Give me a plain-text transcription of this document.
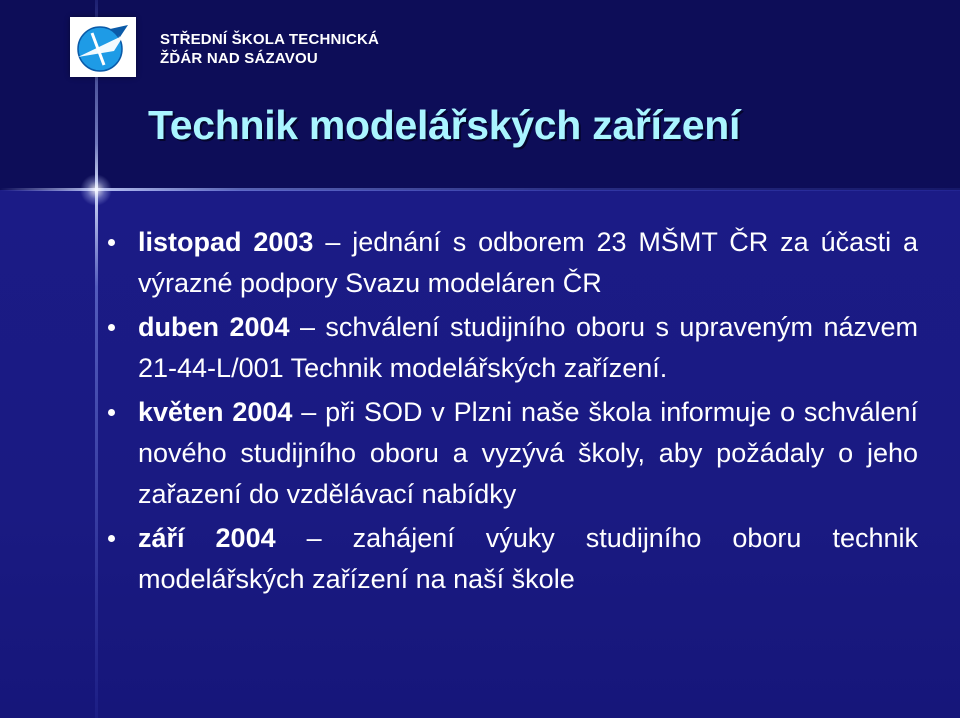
STŘEDNÍ ŠKOLA TECHNICKÁ
ŽĎÁR NAD SÁZAVOU
Technik modelářských zařízení
listopad 2003 – jednání s odborem 23 MŠMT ČR za účasti a výrazné podpory Svazu modeláren ČR
duben 2004 – schválení studijního oboru s upraveným názvem 21-44-L/001 Technik modelářských zařízení.
květen 2004 – při SOD v Plzni naše škola informuje o schválení nového studijního oboru a vyzývá školy, aby požádaly o jeho zařazení do vzdělávací nabídky
září 2004 – zahájení výuky studijního oboru technik modelářských zařízení na naší škole
